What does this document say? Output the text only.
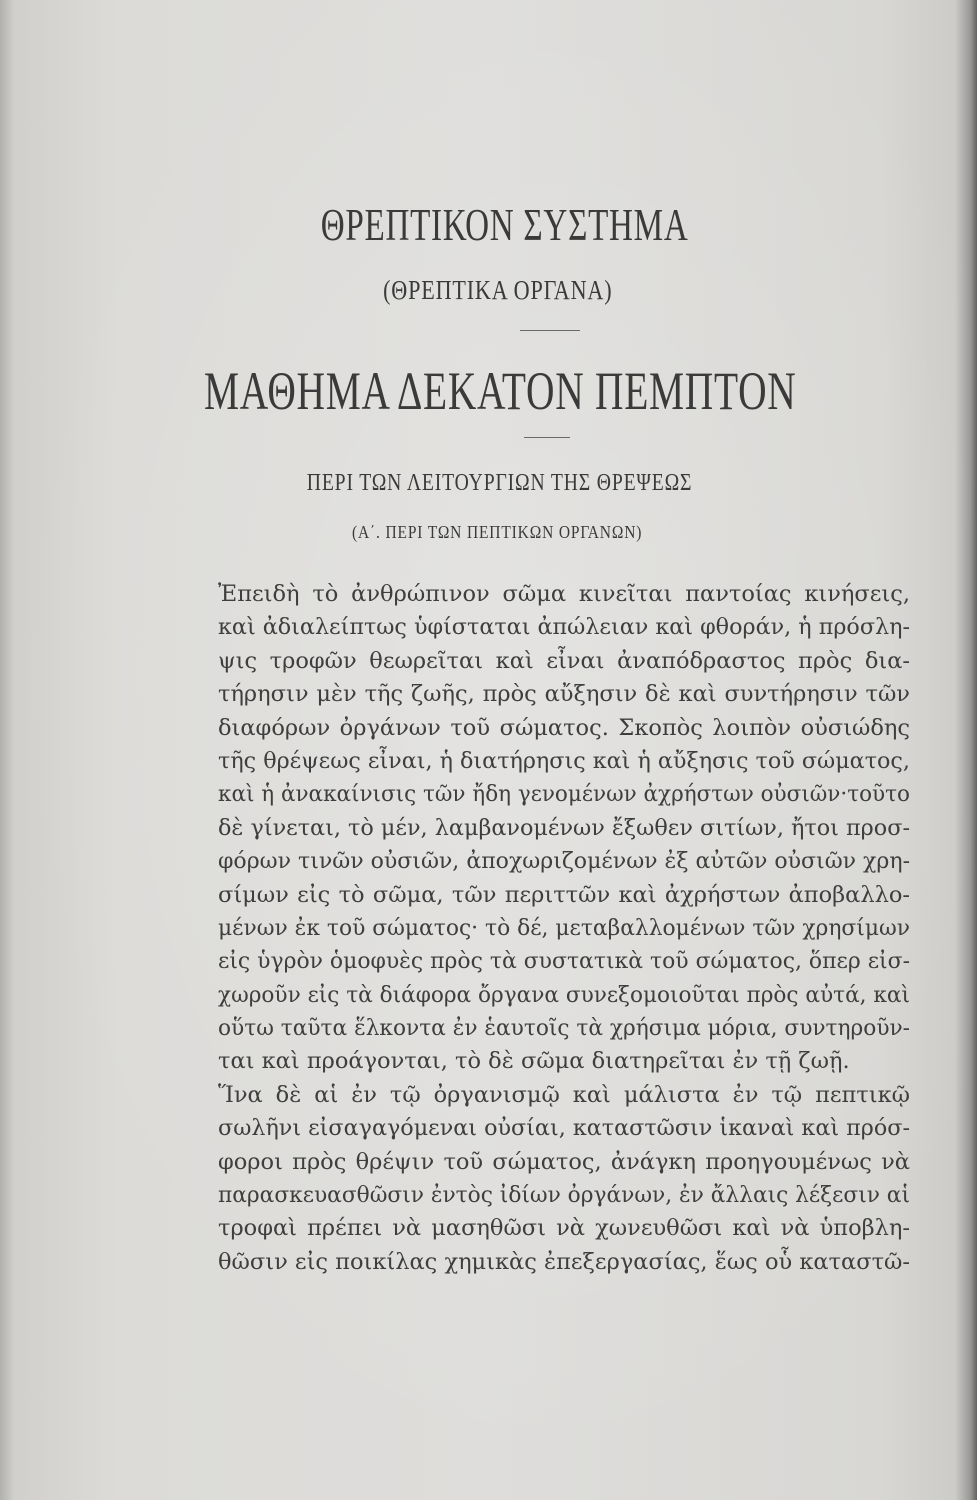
ΘΡΕΠΤΙΚΟΝ ΣΥΣΤΗΜΑ
(ΘΡΕΠΤΙΚΑ ΟΡΓΑΝΑ)
ΜΑΘΗΜΑ ΔΕΚΑΤΟΝ ΠΕΜΠΤΟΝ
ΠΕΡΙ ΤΩΝ ΛΕΙΤΟΥΡΓΙΩΝ ΤΗΣ ΘΡΕΨΕΩΣ
(Α΄. ΠΕΡΙ ΤΩΝ ΠΕΠΤΙΚΩΝ ΟΡΓΑΝΩΝ)
Ἐπειδὴ τὸ ἀνθρώπινον σῶμα κινεῖται παντοίας κινήσεις,
καὶ ἀδιαλείπτως ὑφίσταται ἀπώλειαν καὶ φθοράν, ἡ πρόσλη-
ψις τροφῶν θεωρεῖται καὶ εἶναι ἀναπόδραστος πρὸς δια-
τήρησιν μὲν τῆς ζωῆς, πρὸς αὔξησιν δὲ καὶ συντήρησιν τῶν
διαφόρων ὀργάνων τοῦ σώματος. Σκοπὸς λοιπὸν οὐσιώδης
τῆς θρέψεως εἶναι, ἡ διατήρησις καὶ ἡ αὔξησις τοῦ σώματος,
καὶ ἡ ἀνακαίνισις τῶν ἤδη γενομένων ἀχρήστων οὐσιῶν·τοῦτο
δὲ γίνεται, τὸ μέν, λαμβανομένων ἔξωθεν σιτίων, ἤτοι προσ-
φόρων τινῶν οὐσιῶν, ἀποχωριζομένων ἐξ αὐτῶν οὐσιῶν χρη-
σίμων εἰς τὸ σῶμα, τῶν περιττῶν καὶ ἀχρήστων ἀποβαλλο-
μένων ἐκ τοῦ σώματος· τὸ δέ, μεταβαλλομένων τῶν χρησίμων
εἰς ὑγρὸν ὁμοφυὲς πρὸς τὰ συστατικὰ τοῦ σώματος, ὅπερ εἰσ-
χωροῦν εἰς τὰ διάφορα ὄργανα συνεξομοιοῦται πρὸς αὐτά, καὶ
οὕτω ταῦτα ἕλκοντα ἐν ἑαυτοῖς τὰ χρήσιμα μόρια, συντηροῦν-
ται καὶ προάγονται, τὸ δὲ σῶμα διατηρεῖται ἐν τῇ ζωῇ.
Ἵνα δὲ αἱ ἐν τῷ ὀργανισμῷ καὶ μάλιστα ἐν τῷ πεπτικῷ
σωλῆνι εἰσαγαγόμεναι οὐσίαι, καταστῶσιν ἱκαναὶ καὶ πρόσ-
φοροι πρὸς θρέψιν τοῦ σώματος, ἀνάγκη προηγουμένως νὰ
παρασκευασθῶσιν ἐντὸς ἰδίων ὀργάνων, ἐν ἄλλαις λέξεσιν αἱ
τροφαὶ πρέπει νὰ μασηθῶσι νὰ χωνευθῶσι καὶ νὰ ὑποβλη-
θῶσιν εἰς ποικίλας χημικὰς ἐπεξεργασίας, ἕως οὗ καταστῶ-
